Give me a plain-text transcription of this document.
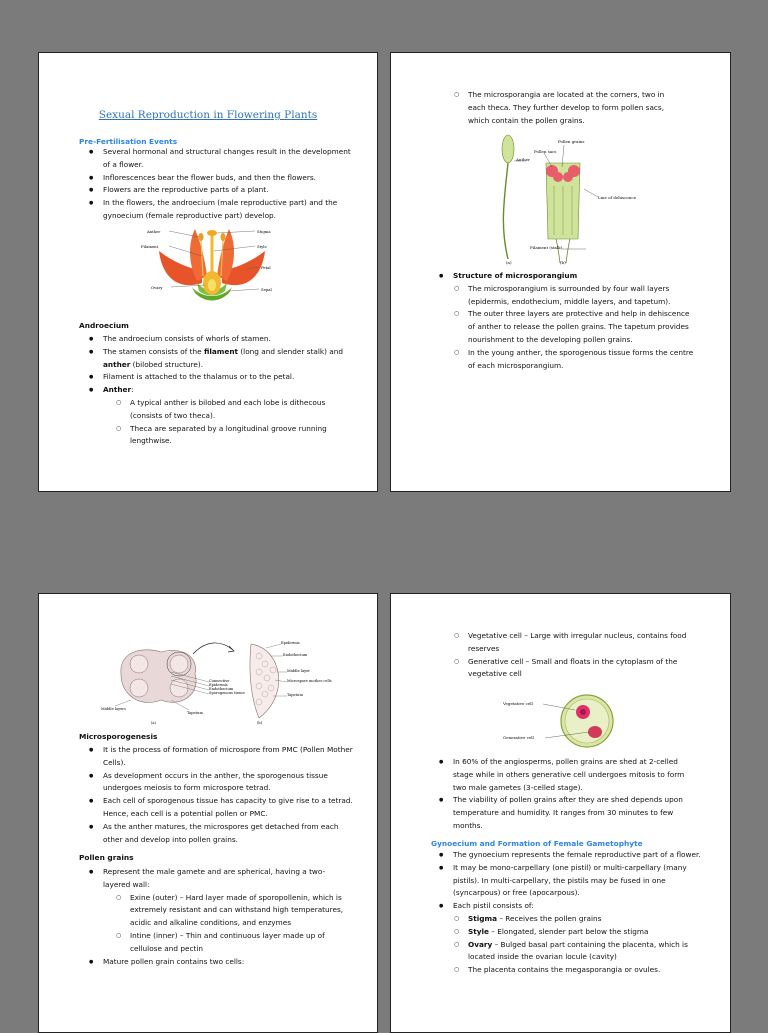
Sexual Reproduction in Flowering Plants
Pre-Fertilisation Events
● Several hormonal and structural changes result in the development of a flower.
● Inflorescences bear the flower buds, and then the flowers.
● Flowers are the reproductive parts of a plant.
● In the flowers, the androecium (male reproductive part) and the gynoecium (female reproductive part) develop.
Anther
Filament
Ovary
Stigma
Style
Petal
Sepal
Androecium
● The androecium consists of whorls of stamen.
● The stamen consists of the filament (long and slender stalk) and anther (bilobed structure).
● Filament is attached to the thalamus or to the petal.
● Anther:
○ A typical anther is bilobed and each lobe is dithecous (consists of two theca).
○ Theca are separated by a longitudinal groove running lengthwise.
○ The microsporangia are located at the corners, two in each theca. They further develop to form pollen sacs, which contain the pollen grains.
Anther
Pollen grains
Pollen sacs
Line of dehiscence
Filament (stalk)
(a)	(b)
● Structure of microsporangium
○ The microsporangium is surrounded by four wall layers (epidermis, endothecium, middle layers, and tapetum).
○ The outer three layers are protective and help in dehiscence of anther to release the pollen grains. The tapetum provides nourishment to the developing pollen grains.
○ In the young anther, the sporogenous tissue forms the centre of each microsporangium.
Connective
Epidermis
Endothecium
Sporogenous tissue
Middle layers
Tapetum
Epidermis
Endothecium
Middle layer
Microspore mother cells
Tapetum
(a)	(b)
Microsporogenesis
● It is the process of formation of microspore from PMC (Pollen Mother Cells).
● As development occurs in the anther, the sporogenous tissue undergoes meiosis to form microspore tetrad.
● Each cell of sporogenous tissue has capacity to give rise to a tetrad. Hence, each cell is a potential pollen or PMC.
● As the anther matures, the microspores get detached from each other and develop into pollen grains.
Pollen grains
● Represent the male gamete and are spherical, having a two-layered wall:
○ Exine (outer) – Hard layer made of sporopollenin, which is extremely resistant and can withstand high temperatures, acidic and alkaline conditions, and enzymes
○ Intine (inner) – Thin and continuous layer made up of cellulose and pectin
● Mature pollen grain contains two cells:
○ Vegetative cell – Large with irregular nucleus, contains food reserves
○ Generative cell – Small and floats in the cytoplasm of the vegetative cell
Vegetative cell
Generative cell
● In 60% of the angiosperms, pollen grains are shed at 2-celled stage while in others generative cell undergoes mitosis to form two male gametes (3-celled stage).
● The viability of pollen grains after they are shed depends upon temperature and humidity. It ranges from 30 minutes to few months.
Gynoecium and Formation of Female Gametophyte
● The gynoecium represents the female reproductive part of a flower.
● It may be mono-carpellary (one pistil) or multi-carpellary (many pistils). In multi-carpellary, the pistils may be fused in one (syncarpous) or free (apocarpous).
● Each pistil consists of:
○ Stigma – Receives the pollen grains
○ Style – Elongated, slender part below the stigma
○ Ovary – Bulged basal part containing the placenta, which is located inside the ovarian locule (cavity)
○ The placenta contains the megasporangia or ovules.
